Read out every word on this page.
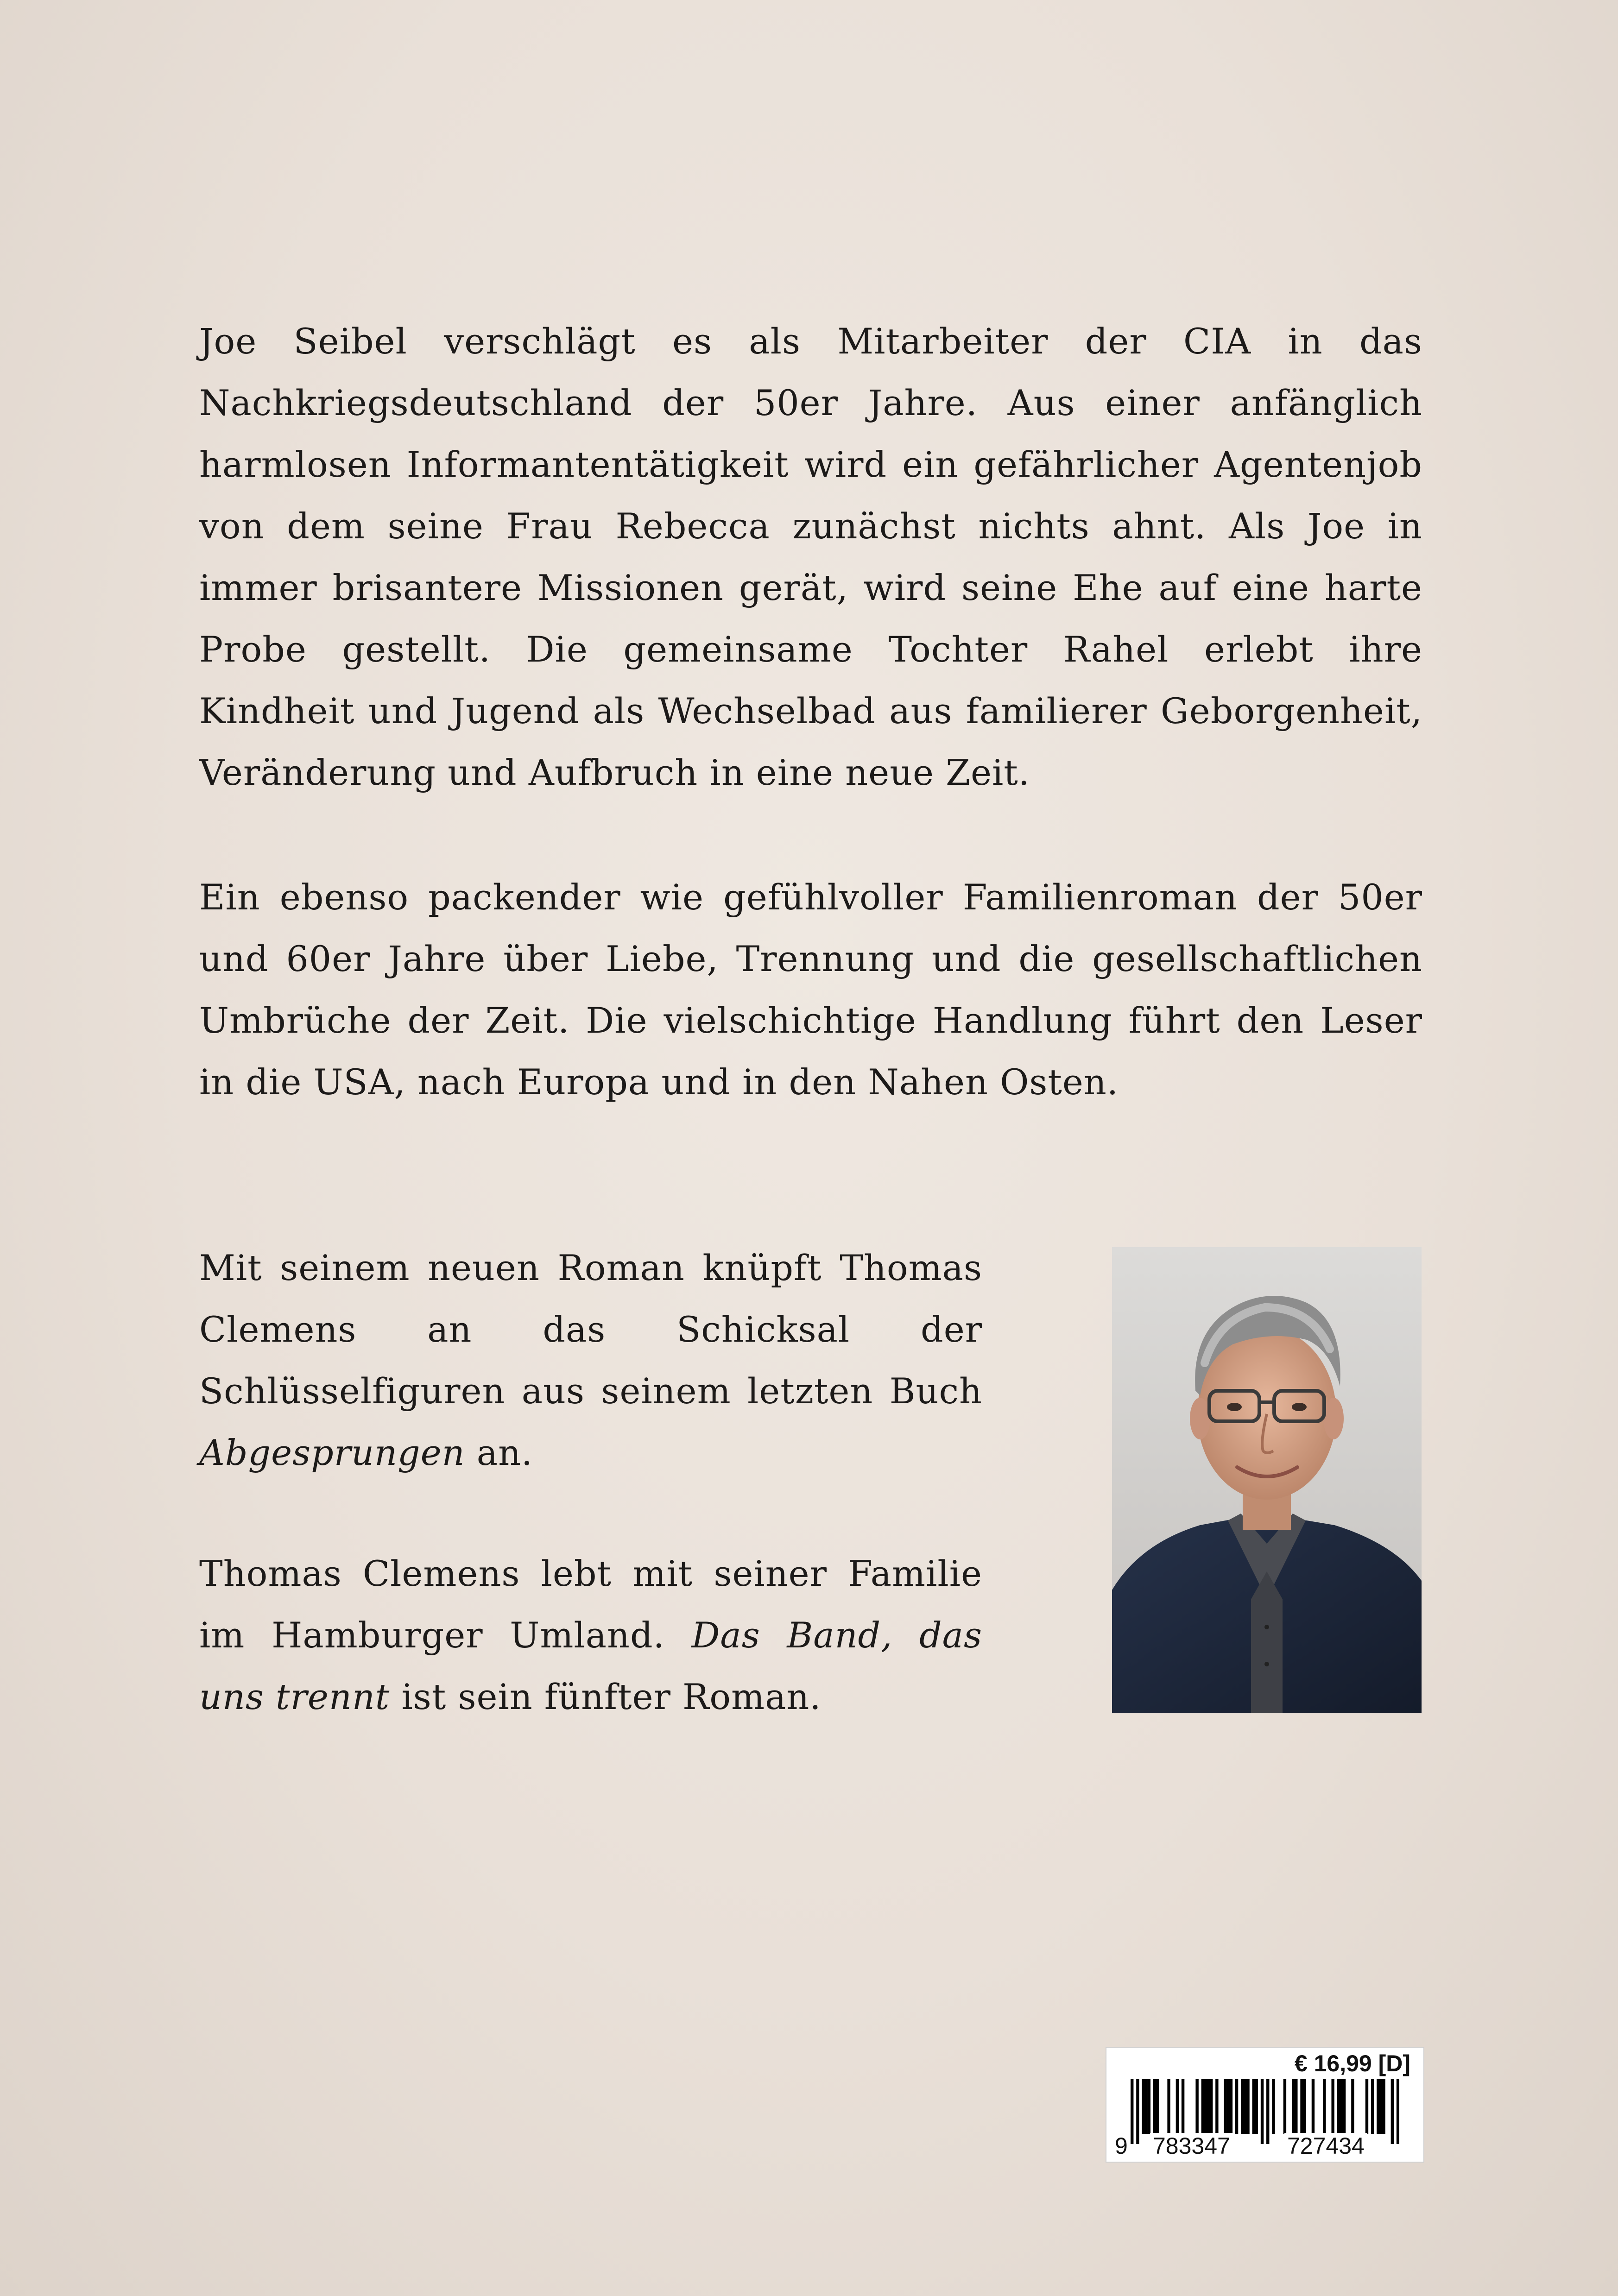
Joe Seibel verschlägt es als Mitarbeiter der CIA in das Nachkriegsdeutschland der 50er Jahre. Aus einer anfänglich harmlosen Informantentätigkeit wird ein gefährlicher Agentenjob von dem seine Frau Rebecca zunächst nichts ahnt. Als Joe in immer brisantere Missionen gerät, wird seine Ehe auf eine harte Probe gestellt. Die gemeinsame Tochter Rahel erlebt ihre Kindheit und Jugend als Wechselbad aus familierer Geborgenheit, Veränderung und Aufbruch in eine neue Zeit.

Ein ebenso packender wie gefühlvoller Familienroman der 50er und 60er Jahre über Liebe, Trennung und die gesellschaftlichen Umbrüche der Zeit. Die vielschichtige Handlung führt den Leser in die USA, nach Europa und in den Nahen Osten.

Mit seinem neuen Roman knüpft Thomas Clemens an das Schicksal der Schlüsselfiguren aus seinem letzten Buch Abgesprungen an.

Thomas Clemens lebt mit seiner Familie im Hamburger Umland. Das Band, das uns trennt ist sein fünfter Roman.

€ 16,99 [D]
9 783347 727434
